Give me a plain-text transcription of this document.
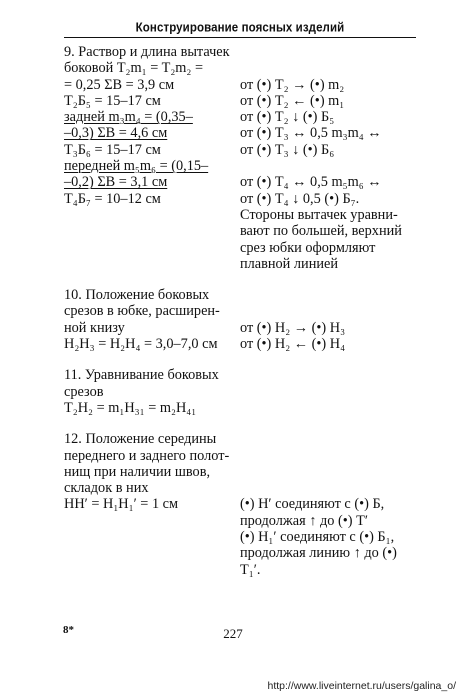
Конструирование поясных изделий
9. Раствор и длина вытачек
боковой T₂m₁ = T₂m₂ =
= 0,25 ΣB = 3,9 см	от (•) T₂ → (•) m₂
T₂Б₅ = 15–17 см	от (•) T₂ ← (•) m₁
задней m₃m₄ = (0,35–	от (•) T₂ ↓ (•) Б₅
–0,3) ΣB = 4,6 см	от (•) T₃ ↔ 0,5 m₃m₄ ↔
T₃Б₆ = 15–17 см	от (•) T₃ ↓ (•) Б₆
передней m₅m₆ = (0,15–
–0,2) ΣB = 3,1 см	от (•) T₄ ↔ 0,5 m₅m₆ ↔
T₄Б₇ = 10–12 см	от (•) T₄ ↓ 0,5 (•) Б₇.
Стороны вытачек уравни-
вают по большей, верхний
срез юбки оформляют
плавной линией
10. Положение боковых
срезов в юбке, расширен-
ной книзу	от (•) H₂ → (•) H₃
H₂H₃ = H₂H₄ = 3,0–7,0 см	от (•) H₂ ← (•) H₄
11. Уравнивание боковых
срезов
T₂H₂ = m₁H₃₁ = m₂H₄₁
12. Положение середины
переднего и заднего полот-
нищ при наличии швов,
складок в них
HH′ = H₁H₁′ = 1 см	(•) H′ соединяют с (•) Б,
продолжая ↑ до (•) T′
(•) H₁′ соединяют с (•) Б₁,
продолжая линию ↑ до (•)
T₁′.
8*	227
http://www.liveinternet.ru/users/galina_o/
